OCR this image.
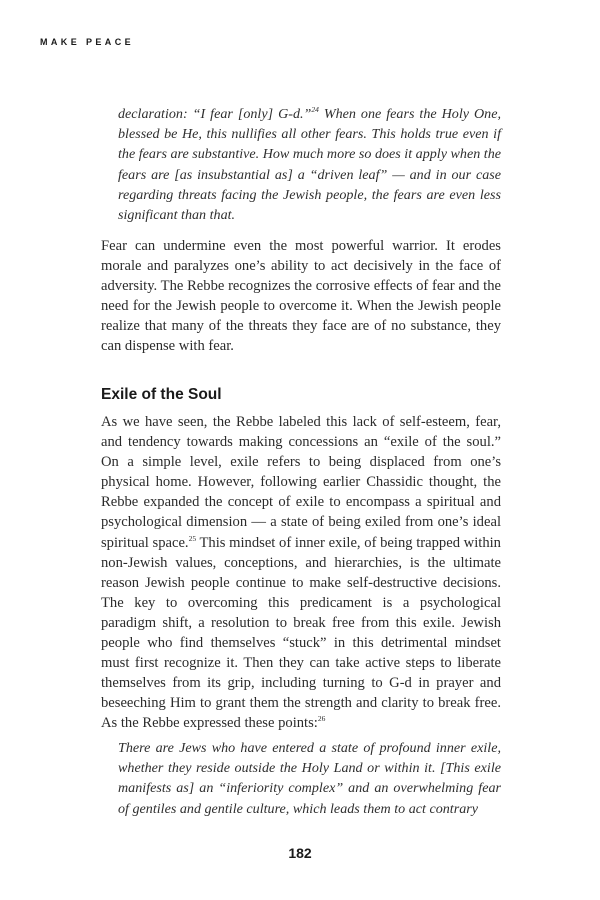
MAKE PEACE
declaration: “I fear [only] G-d.”$^{24}$ When one fears the Holy One, blessed be He, this nullifies all other fears. This holds true even if the fears are substantive. How much more so does it apply when the fears are [as insubstantial as] a “driven leaf” — and in our case regarding threats facing the Jewish people, the fears are even less significant than that.
Fear can undermine even the most powerful warrior. It erodes morale and paralyzes one’s ability to act decisively in the face of adversity. The Rebbe recognizes the corrosive effects of fear and the need for the Jewish people to overcome it. When the Jewish people realize that many of the threats they face are of no substance, they can dispense with fear.
Exile of the Soul
As we have seen, the Rebbe labeled this lack of self-esteem, fear, and tendency towards making concessions an “exile of the soul.” On a simple level, exile refers to being displaced from one’s physical home. However, following earlier Chassidic thought, the Rebbe expanded the concept of exile to encompass a spiritual and psychological dimension — a state of being exiled from one’s ideal spiritual space.$^{25}$ This mindset of inner exile, of being trapped within non-Jewish values, conceptions, and hierarchies, is the ultimate reason Jewish people continue to make self-destructive decisions. The key to overcoming this predicament is a psychological paradigm shift, a resolution to break free from this exile. Jewish people who find themselves “stuck” in this detrimental mindset must first recognize it. Then they can take active steps to liberate themselves from its grip, including turning to G-d in prayer and beseeching Him to grant them the strength and clarity to break free. As the Rebbe expressed these points:$^{26}$
There are Jews who have entered a state of profound inner exile, whether they reside outside the Holy Land or within it. [This exile manifests as] an “inferiority complex” and an overwhelming fear of gentiles and gentile culture, which leads them to act contrary
182
